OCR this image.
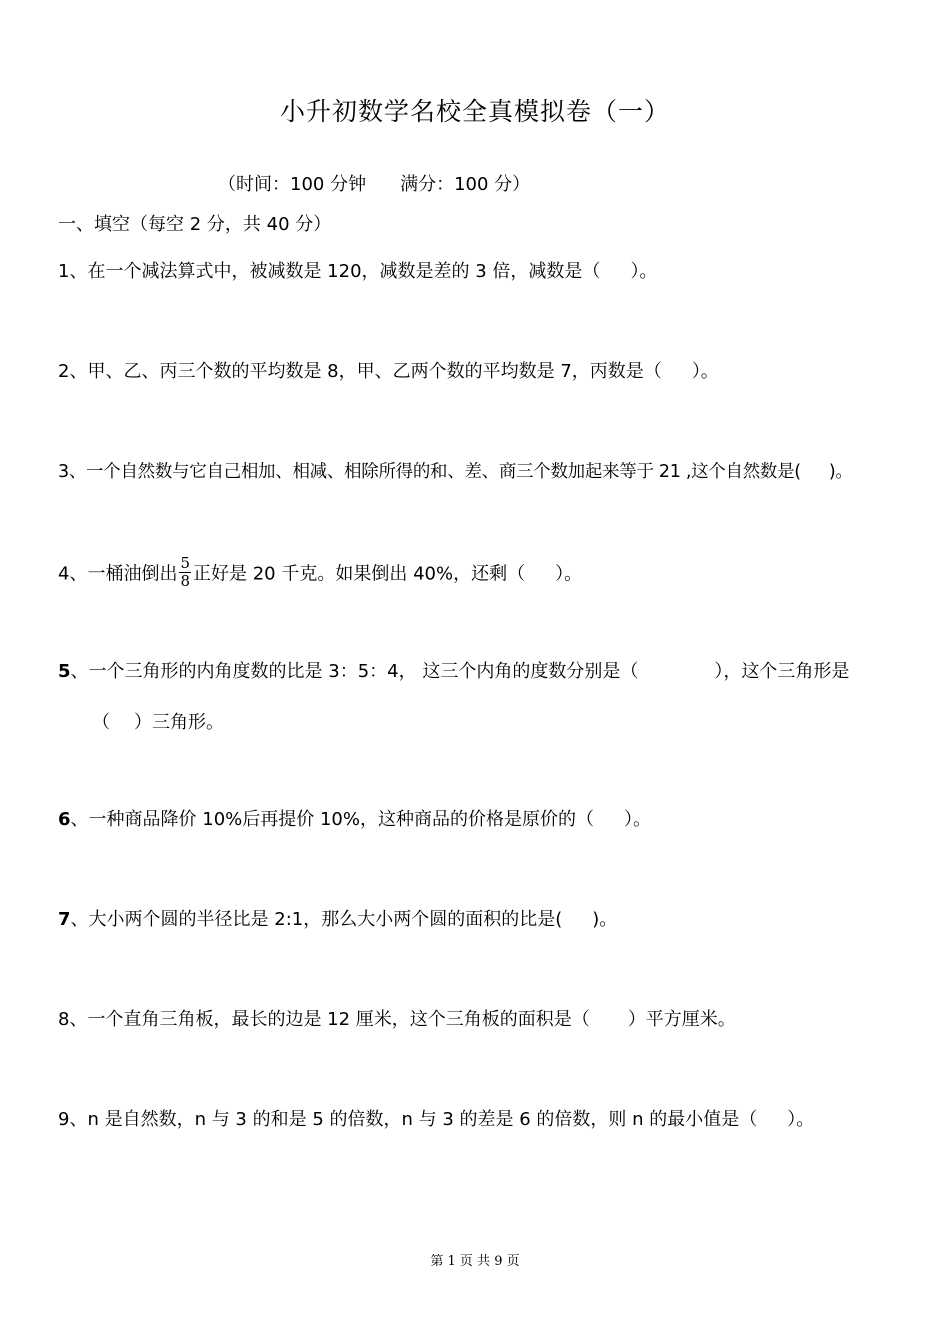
小升初数学名校全真模拟卷（一）
（时间：100 分钟 满分：100 分）
一、填空（每空 2 分，共 40 分）
1、在一个减法算式中，被减数是 120，减数是差的 3 倍，减数是（ ）。
2、甲、乙、丙三个数的平均数是 8，甲、乙两个数的平均数是 7，丙数是（ ）。
3、一个自然数与它自己相加、相减、相除所得的和、差、商三个数加起来等于 21 ,这个自然数是( )。
4、一桶油倒出 $\frac{5}{8}$ 正好是 20 千克。如果倒出 40%，还剩（ ）。
5、一个三角形的内角度数的比是 3：5：4， 这三个内角的度数分别是（	），这个三角形是
（ ）三角形。
6、一种商品降价 10%后再提价 10%，这种商品的价格是原价的（ ）。
7、大小两个圆的半径比是 2:1，那么大小两个圆的面积的比是( )。
8、一个直角三角板，最长的边是 12 厘米，这个三角板的面积是（ ）平方厘米。
9、n 是自然数，n 与 3 的和是 5 的倍数，n 与 3 的差是 6 的倍数，则 n 的最小值是（ ）。
第 1 页 共 9 页
